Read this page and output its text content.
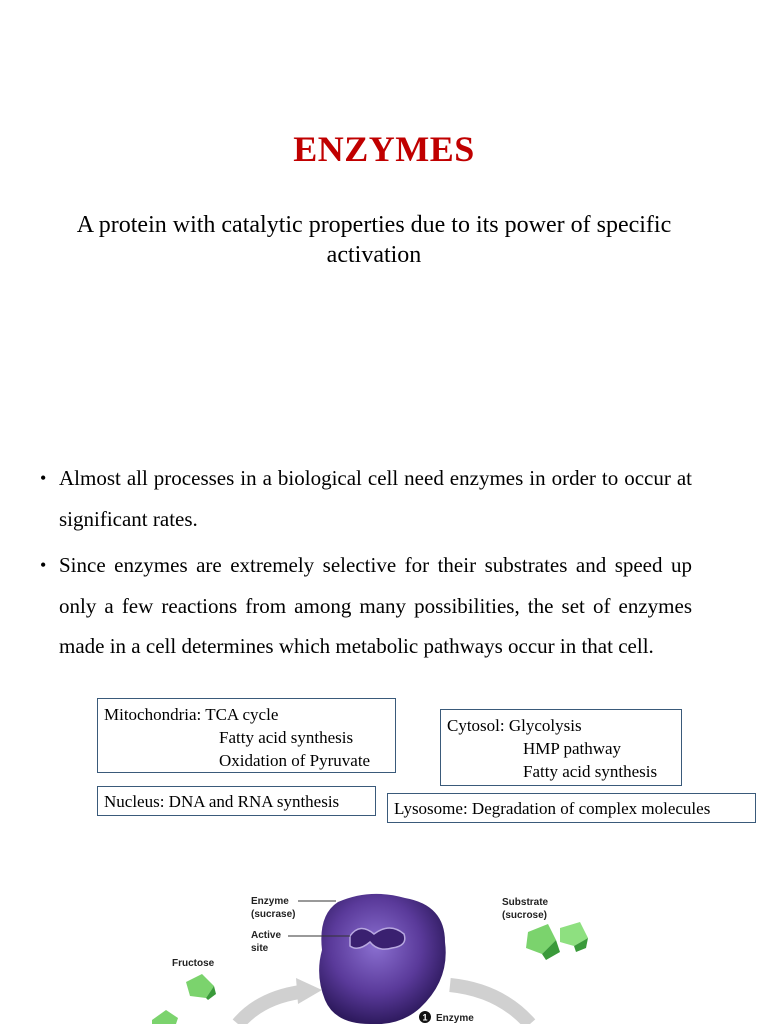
ENZYMES
A protein with catalytic properties due to its power of specific activation
• Almost all processes in a biological cell need enzymes in order to occur at significant rates.
• Since enzymes are extremely selective for their substrates and speed up only a few reactions from among many possibilities, the set of enzymes made in a cell determines which metabolic pathways occur in that cell.
Mitochondria: TCA cycle
Fatty acid synthesis
Oxidation of Pyruvate
Cytosol: Glycolysis
HMP pathway
Fatty acid synthesis
Nucleus: DNA and RNA synthesis	Lysosome: Degradation of complex molecules
Enzyme
(sucrase)
Active
site
Substrate
(sucrose)
Fructose
1 Enzyme
